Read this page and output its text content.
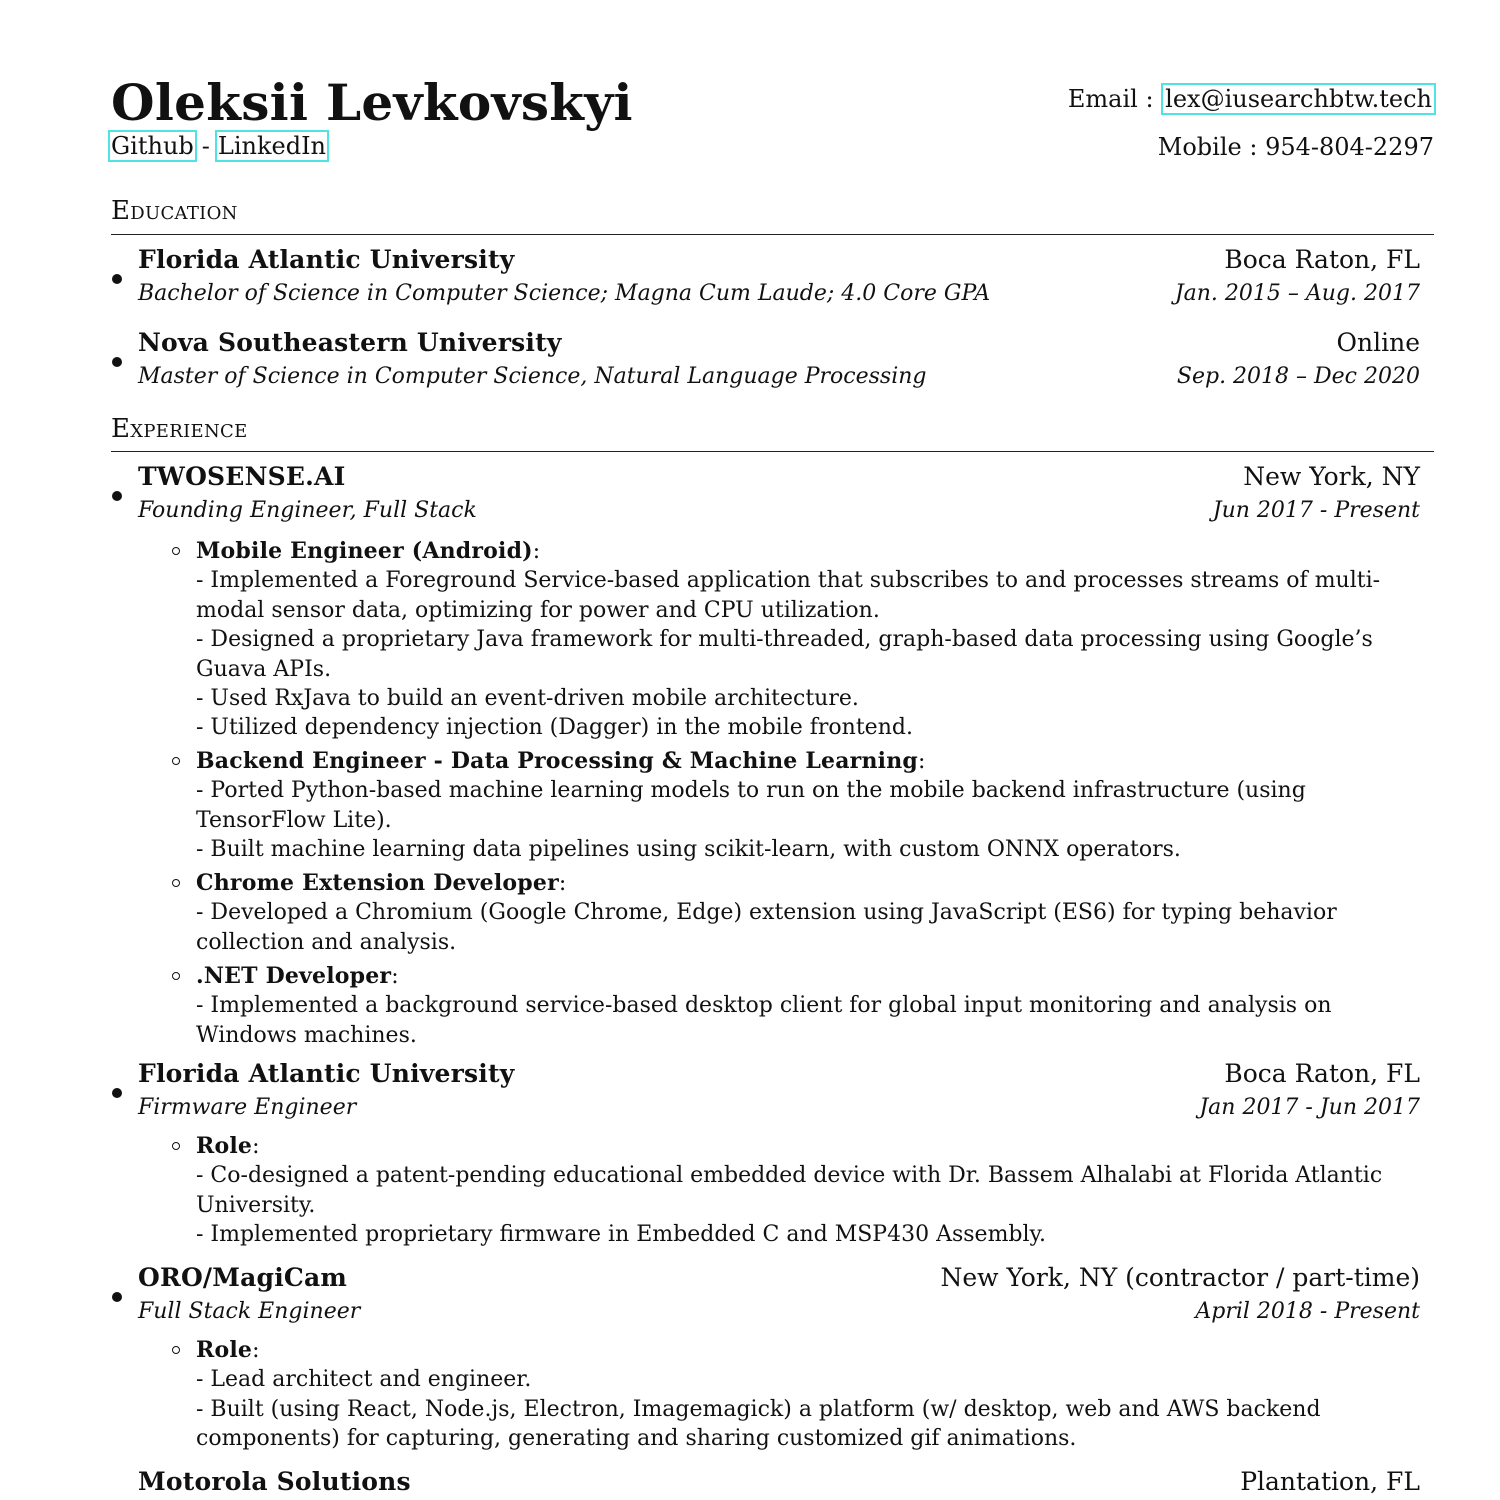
Oleksii Levkovskyi
Github - LinkedIn
Email : lex@iusearchbtw.tech
Mobile : 954-804-2297
Education
Florida Atlantic University	Boca Raton, FL
Bachelor of Science in Computer Science; Magna Cum Laude; 4.0 Core GPA	Jan. 2015 – Aug. 2017
Nova Southeastern University	Online
Master of Science in Computer Science, Natural Language Processing	Sep. 2018 – Dec 2020
Experience
TWOSENSE.AI	New York, NY
Founding Engineer, Full Stack	Jun 2017 - Present

Mobile Engineer (Android):

- Implemented a Foreground Service-based application that subscribes to and processes streams of multi-modal sensor data, optimizing for power and CPU utilization.

- Designed a proprietary Java framework for multi-threaded, graph-based data processing using Google’s Guava APIs.

- Used RxJava to build an event-driven mobile architecture.

- Utilized dependency injection (Dagger) in the mobile frontend.

Backend Engineer - Data Processing & Machine Learning:

- Ported Python-based machine learning models to run on the mobile backend infrastructure (using TensorFlow Lite).

- Built machine learning data pipelines using scikit-learn, with custom ONNX operators.

Chrome Extension Developer:

- Developed a Chromium (Google Chrome, Edge) extension using JavaScript (ES6) for typing behavior collection and analysis.

.NET Developer:

- Implemented a background service-based desktop client for global input monitoring and analysis on Windows machines.

Florida Atlantic University	Boca Raton, FL
Firmware Engineer	Jan 2017 - Jun 2017

Role:

- Co-designed a patent-pending educational embedded device with Dr. Bassem Alhalabi at Florida Atlantic University.

- Implemented proprietary firmware in Embedded C and MSP430 Assembly.

ORO/MagiCam	New York, NY (contractor / part-time)
Full Stack Engineer	April 2018 - Present

Role:

- Lead architect and engineer.

- Built (using React, Node.js, Electron, Imagemagick) a platform (w/ desktop, web and AWS backend components) for capturing, generating and sharing customized gif animations.

Motorola Solutions	Plantation, FL
